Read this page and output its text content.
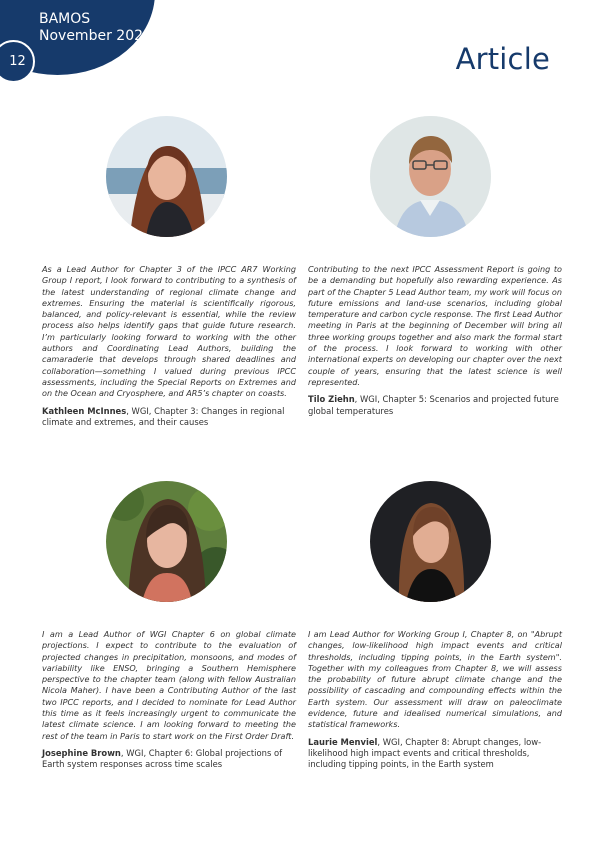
BAMOS
November 2025
12	Article

As a Lead Author for Chapter 3 of the IPCC AR7 Working Group I report, I look forward to contributing to a synthesis of the latest understanding of regional climate change and extremes. Ensuring the material is scientifically rigorous, balanced, and policy-relevant is essential, while the review process also helps identify gaps that guide future research. I’m particularly looking forward to working with the other authors and Coordinating Lead Authors, building the camaraderie that develops through shared deadlines and collaboration—something I valued during previous IPCC assessments, including the Special Reports on Extremes and on the Ocean and Cryosphere, and AR5’s chapter on coasts.

Kathleen McInnes, WGI, Chapter 3: Changes in regional climate and extremes, and their causes

Contributing to the next IPCC Assessment Report is going to be a demanding but hopefully also rewarding experience. As part of the Chapter 5 Lead Author team, my work will focus on future emissions and land-use scenarios, including global temperature and carbon cycle response. The first Lead Author meeting in Paris at the beginning of December will bring all three working groups together and also mark the formal start of the process. I look forward to working with other international experts on developing our chapter over the next couple of years, ensuring that the latest science is well represented.

Tilo Ziehn, WGI, Chapter 5: Scenarios and projected future global temperatures

I am a Lead Author of WGI Chapter 6 on global climate projections. I expect to contribute to the evaluation of projected changes in precipitation, monsoons, and modes of variability like ENSO, bringing a Southern Hemisphere perspective to the chapter team (along with fellow Australian Nicola Maher). I have been a Contributing Author of the last two IPCC reports, and I decided to nominate for Lead Author this time as it feels increasingly urgent to communicate the latest climate science. I am looking forward to meeting the rest of the team in Paris to start work on the First Order Draft.

Josephine Brown, WGI, Chapter 6: Global projections of Earth system responses across time scales

I am Lead Author for Working Group I, Chapter 8, on "Abrupt changes, low-likelihood high impact events and critical thresholds, including tipping points, in the Earth system". Together with my colleagues from Chapter 8, we will assess the probability of future abrupt climate change and the possibility of cascading and compounding effects within the Earth system. Our assessment will draw on paleoclimate evidence, future and idealised numerical simulations, and statistical frameworks.

Laurie Menviel, WGI, Chapter 8: Abrupt changes, low-likelihood high impact events and critical thresholds, including tipping points, in the Earth system
